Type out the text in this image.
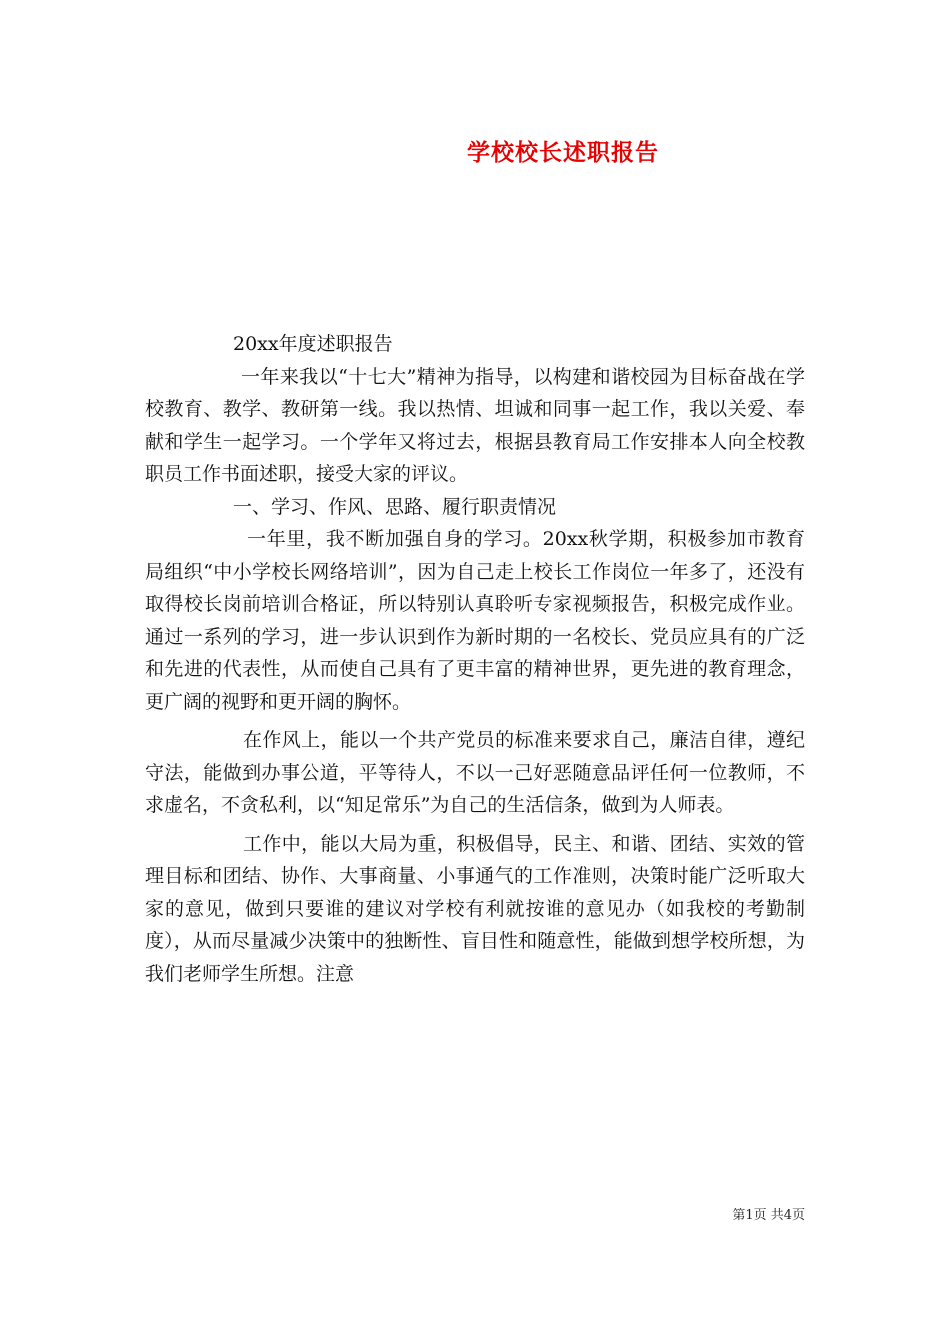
学校校长述职报告

20xx年度述职报告

一年来我以“十七大”精神为指导，以构建和谐校园为目标奋战在学校教育、教学、教研第一线。我以热情、坦诚和同事一起工作，我以关爱、奉献和学生一起学习。一个学年又将过去，根据县教育局工作安排本人向全校教职员工作书面述职，接受大家的评议。

一、学习、作风、思路、履行职责情况

一年里，我不断加强自身的学习。20xx秋学期，积极参加市教育局组织“中小学校长网络培训”，因为自己走上校长工作岗位一年多了，还没有取得校长岗前培训合格证，所以特别认真聆听专家视频报告，积极完成作业。通过一系列的学习，进一步认识到作为新时期的一名校长、党员应具有的广泛和先进的代表性，从而使自己具有了更丰富的精神世界，更先进的教育理念，更广阔的视野和更开阔的胸怀。

在作风上，能以一个共产党员的标准来要求自己，廉洁自律，遵纪守法，能做到办事公道，平等待人，不以一己好恶随意品评任何一位教师，不求虚名，不贪私利，以“知足常乐”为自己的生活信条，做到为人师表。

工作中，能以大局为重，积极倡导，民主、和谐、团结、实效的管理目标和团结、协作、大事商量、小事通气的工作准则，决策时能广泛听取大家的意见，做到只要谁的建议对学校有利就按谁的意见办（如我校的考勤制度），从而尽量减少决策中的独断性、盲目性和随意性，能做到想学校所想，为我们老师学生所想。注意

第1页 共4页
